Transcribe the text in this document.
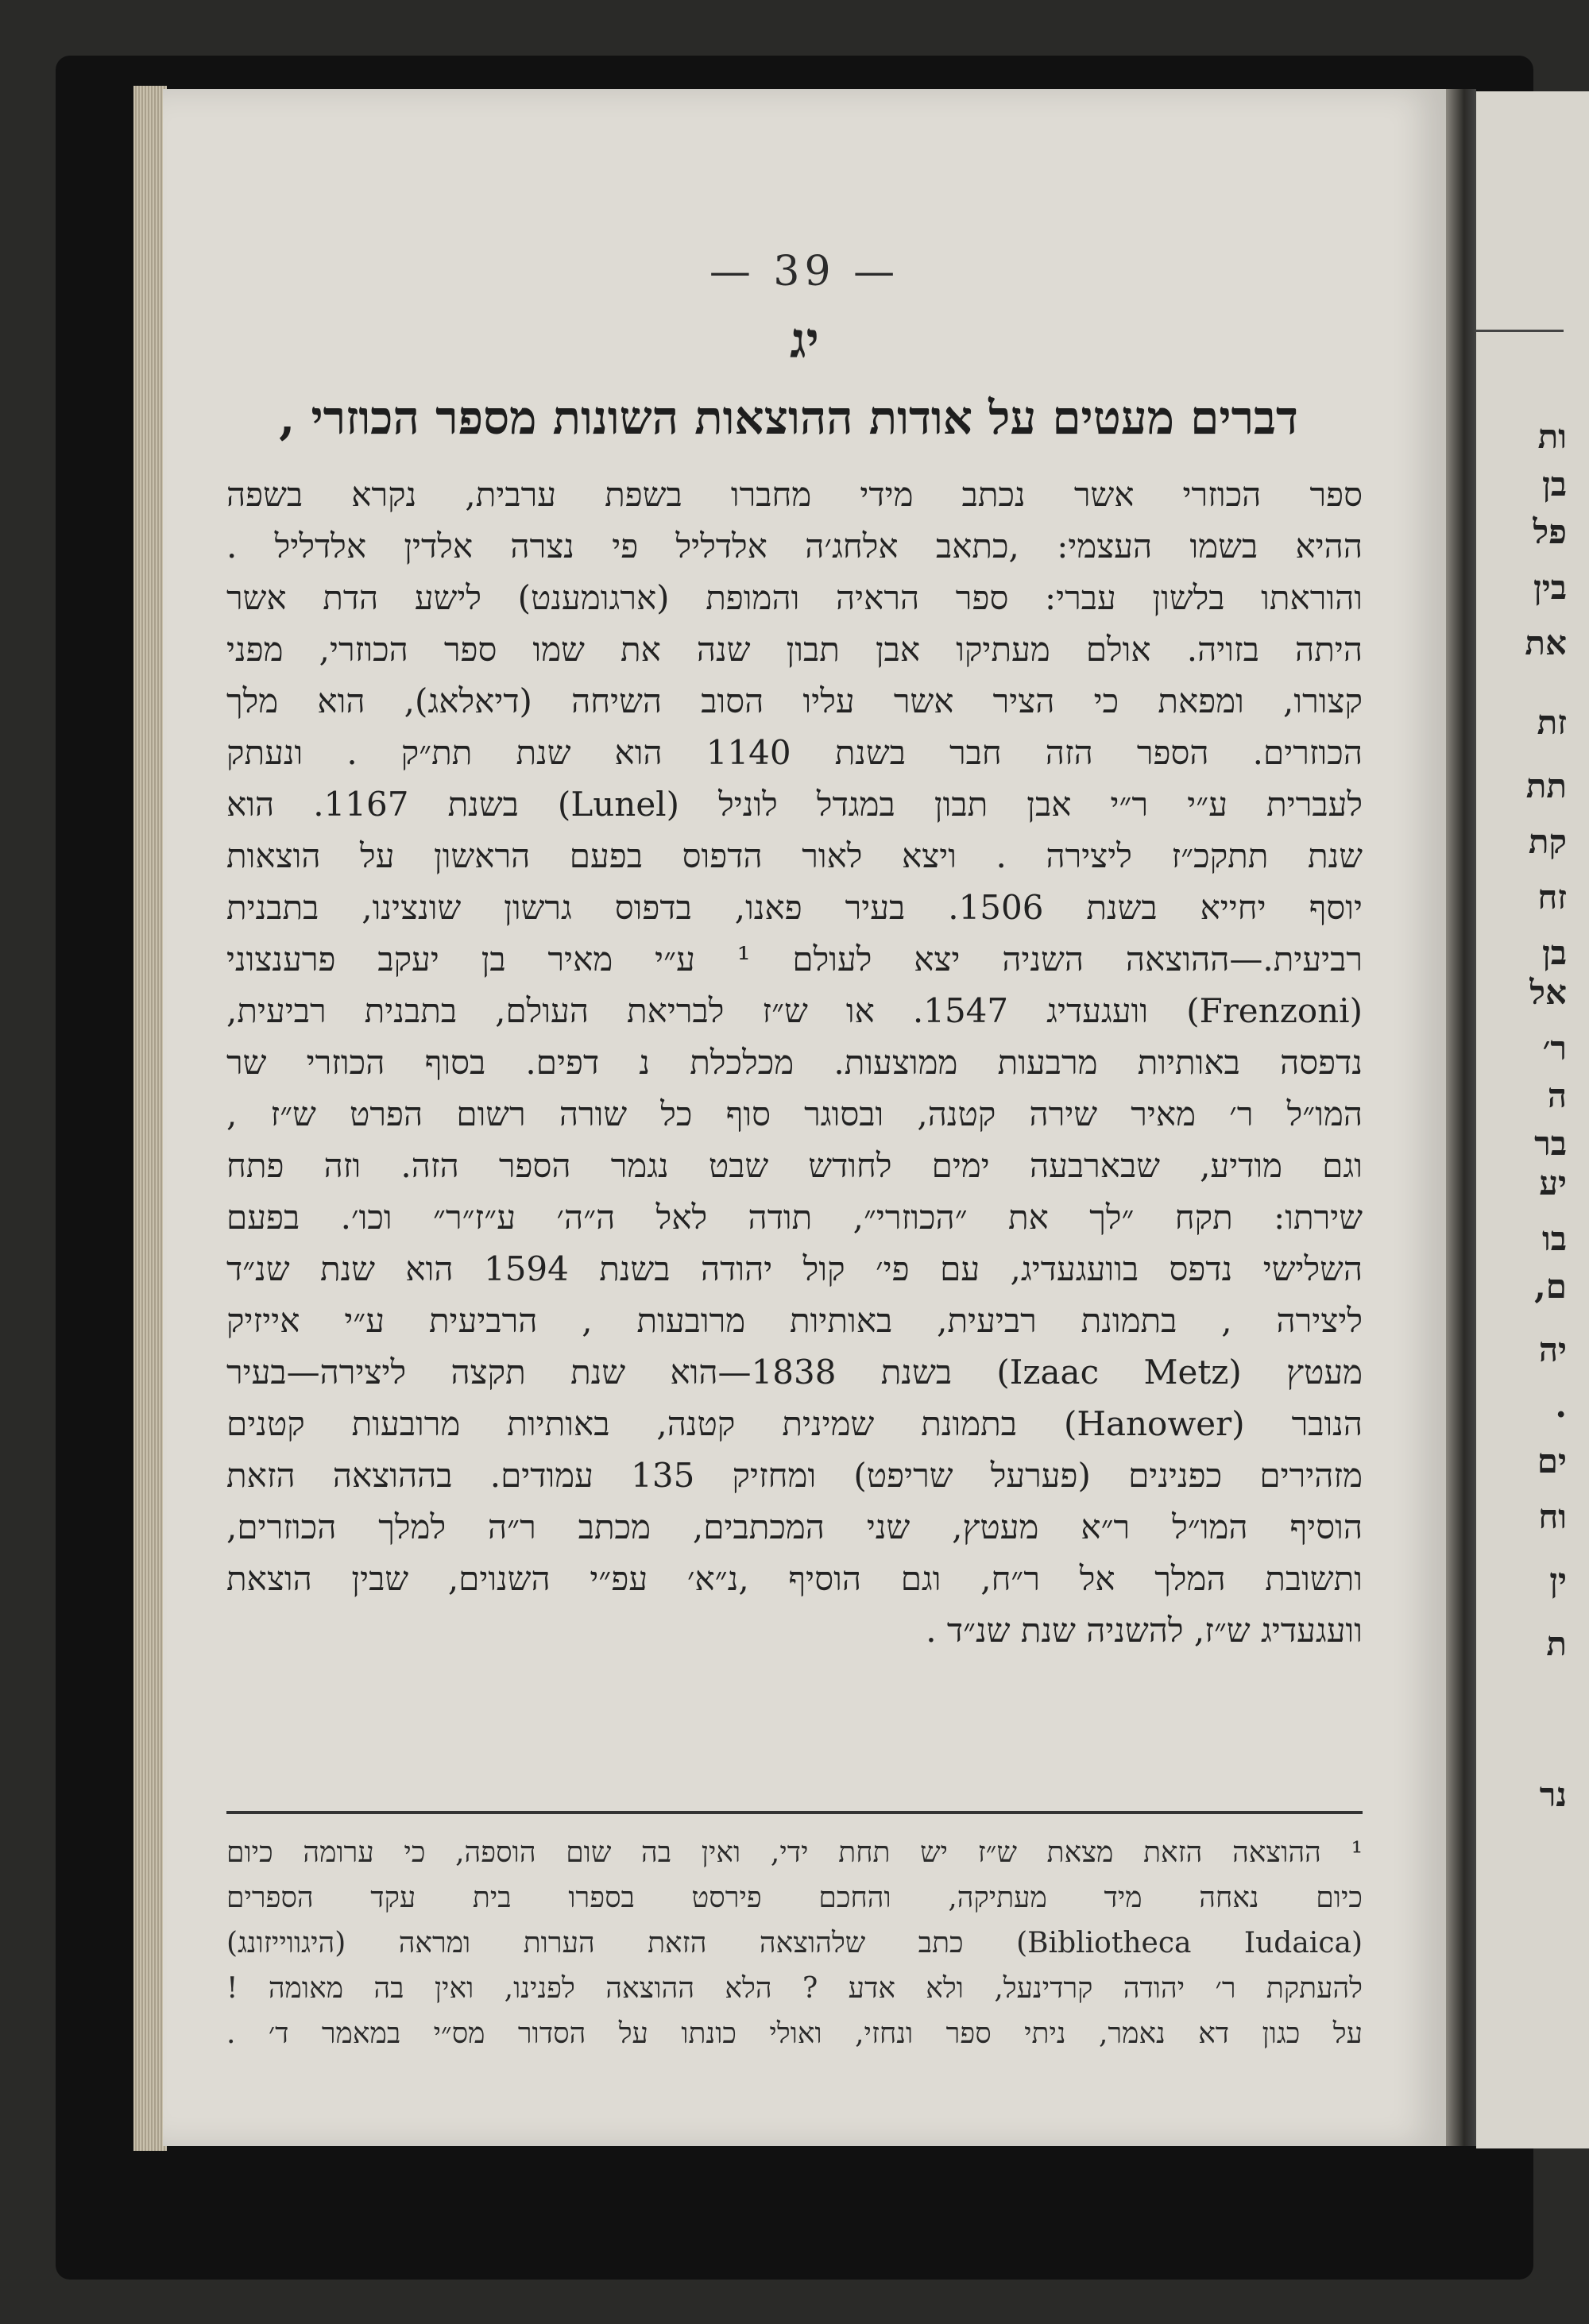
— 39 —
יג
דברים מעטים על אודות ההוצאות השונות מספר הכוזרי ,
ספר הכוזרי אשר נכתב מידי מחברו בשפת ערבית, נקרא בשפה
ההיא בשמו העצמי: ,כתאב אלחג׳ה אלדליל פי נצרה אלדין אלדליל .
והוראתו בלשון עברי: ספר הראיה והמופת (ארגומענט) לישע הדת אשר
היתה בזויה. אולם מעתיקו אבן תבון שנה את שמו ספר הכוזרי, מפני
קצורו, ומפאת כי הציר אשר עליו הסוב השיחה (דיאלאג), הוא מלך
הכוזרים. הספר הזה חבר בשנת 1140 הוא שנת תת״ק . ונעתק
לעברית ע״י ר״י אבן תבון במגדל לוניל (Lunel) בשנת 1167. הוא
שנת תתקכ״ז ליצירה . ויצא לאור הדפוס בפעם הראשון על הוצאות
יוסף יחייא בשנת 1506. בעיר פאנו, בדפוס גרשון שונצינו, בתבנית
רביעית.—ההוצאה השניה יצא לעולם ¹ ע״י מאיר בן יעקב פרענצוני
(Frenzoni) וועגעדיג 1547. או ש״ז לבריאת העולם, בתבנית רביעית,
נדפסה באותיות מרבעות ממוצעות. מכלכלת נ דפים. בסוף הכוזרי שר
המו״ל ר׳ מאיר שירה קטנה, ובסוגר סוף כל שורה רשום הפרט ש״ז ,
וגם מודיע, שבארבעה ימים לחודש שבט נגמר הספר הזה. וזה פתח
שירתו: תקח ״לך את ״הכוזרי״, תודה לאל ה״ה׳ ע״ז״ר״ וכו׳. בפעם
השלישי נדפס בוועגעדיג, עם פי׳ קול יהודה בשנת 1594 הוא שנת שנ״ד
ליצירה , בתמונת רביעית, באותיות מרובעות , הרביעית ע״י אייזיק
מעטץ (Izaac Metz) בשנת 1838—הוא שנת תקצה ליצירה—בעיר
הנובר (Hanower) בתמונת שמינית קטנה, באותיות מרובעות קטנים
מזהירים כפנינים (פערעל שריפט) ומחזיק 135 עמודים. בההוצאה הזאת
הוסיף המו״ל ר״א מעטץ, שני המכתבים, מכתב ר״ה למלך הכוזרים,
ותשובת המלך אל ר״ח, וגם הוסיף ,נ״א׳ עפ״י השנוים, שבין הוצאת
וועגעדיג ש״ז, להשניה שנת שנ״ד .
¹ ההוצאה הזאת מצאת ש״ז יש תחת ידי, ואין בה שום הוספה, כי ערומה כיום
כיום נאחה מיד מעתיקה, והחכם פירסט בספרו בית עקד הספרים
(Bibliotheca Iudaica) כתב שלהוצאה הזאת הערות ומראה (היגווייזונג)
להעתקת ר׳ יהודה קרדינעל, ולא אדע ? הלא ההוצאה לפנינו, ואין בה מאומה !
על כגון דא נאמר, ניתי ספר ונחזי, ואולי כונתו על הסדור מס״י במאמר ד׳ .
ות
בן
פל
בין
את
זת
תת
קת
זח
בן
אל
ר׳
ה
בר
יע
בו
ם,
יה
.
ים
וח
ין
ת
נר
